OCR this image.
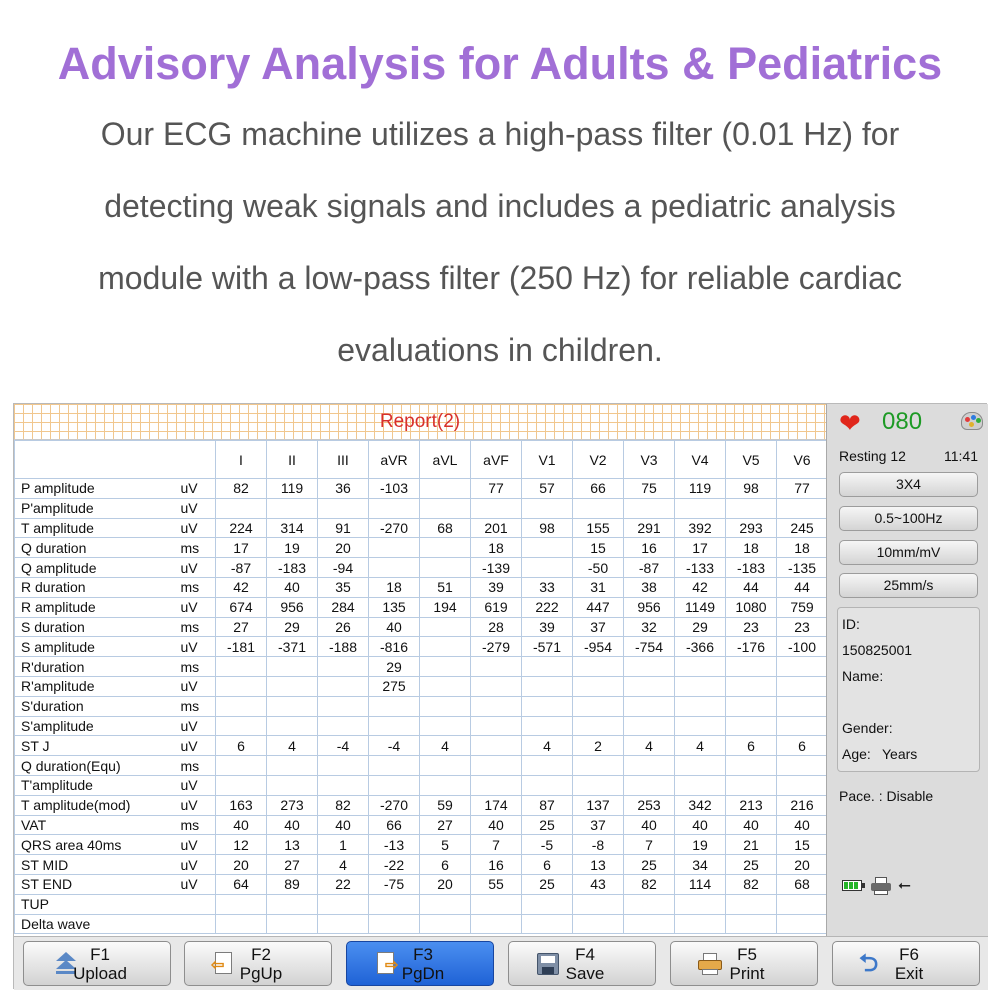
Advisory Analysis for Adults & Pediatrics
Our ECG machine utilizes a high-pass filter (0.01 Hz) for
detecting weak signals and includes a pediatric analysis
module with a low-pass filter (250 Hz) for reliable cardiac
evaluations in children.
Report(2)
		I	II	III	aVR	aVL	aVF	V1	V2	V3	V4	V5	V6
P amplitude	uV	82	119	36	-103		77	57	66	75	119	98	77
P'amplitude	uV												
T amplitude	uV	224	314	91	-270	68	201	98	155	291	392	293	245
Q duration	ms	17	19	20			18		15	16	17	18	18
Q amplitude	uV	-87	-183	-94			-139		-50	-87	-133	-183	-135
R duration	ms	42	40	35	18	51	39	33	31	38	42	44	44
R amplitude	uV	674	956	284	135	194	619	222	447	956	1149	1080	759
S duration	ms	27	29	26	40		28	39	37	32	29	23	23
S amplitude	uV	-181	-371	-188	-816		-279	-571	-954	-754	-366	-176	-100
R'duration	ms				29								
R'amplitude	uV				275								
S'duration	ms												
S'amplitude	uV												
ST J	uV	6	4	-4	-4	4		4	2	4	4	6	6
Q duration(Equ)	ms												
T'amplitude	uV												
T amplitude(mod)	uV	163	273	82	-270	59	174	87	137	253	342	213	216
VAT	ms	40	40	40	66	27	40	25	37	40	40	40	40
QRS area 40ms	uV	12	13	1	-13	5	7	-5	-8	7	19	21	15
ST MID	uV	20	27	4	-22	6	16	6	13	25	34	25	20
ST END	uV	64	89	22	-75	20	55	25	43	82	114	82	68
TUP													
Delta wave													
❤ 080
Resting 12	11:41
3X4
0.5~100Hz
10mm/mV
25mm/s
ID:
150825001
Name:
Gender:
Age: Years
Pace. : Disable
⭠
F1
Upload	⇦
F2
PgUp	⇨
F3
PgDn
F4
Save
F5
Print	⮌	F6
Exit
